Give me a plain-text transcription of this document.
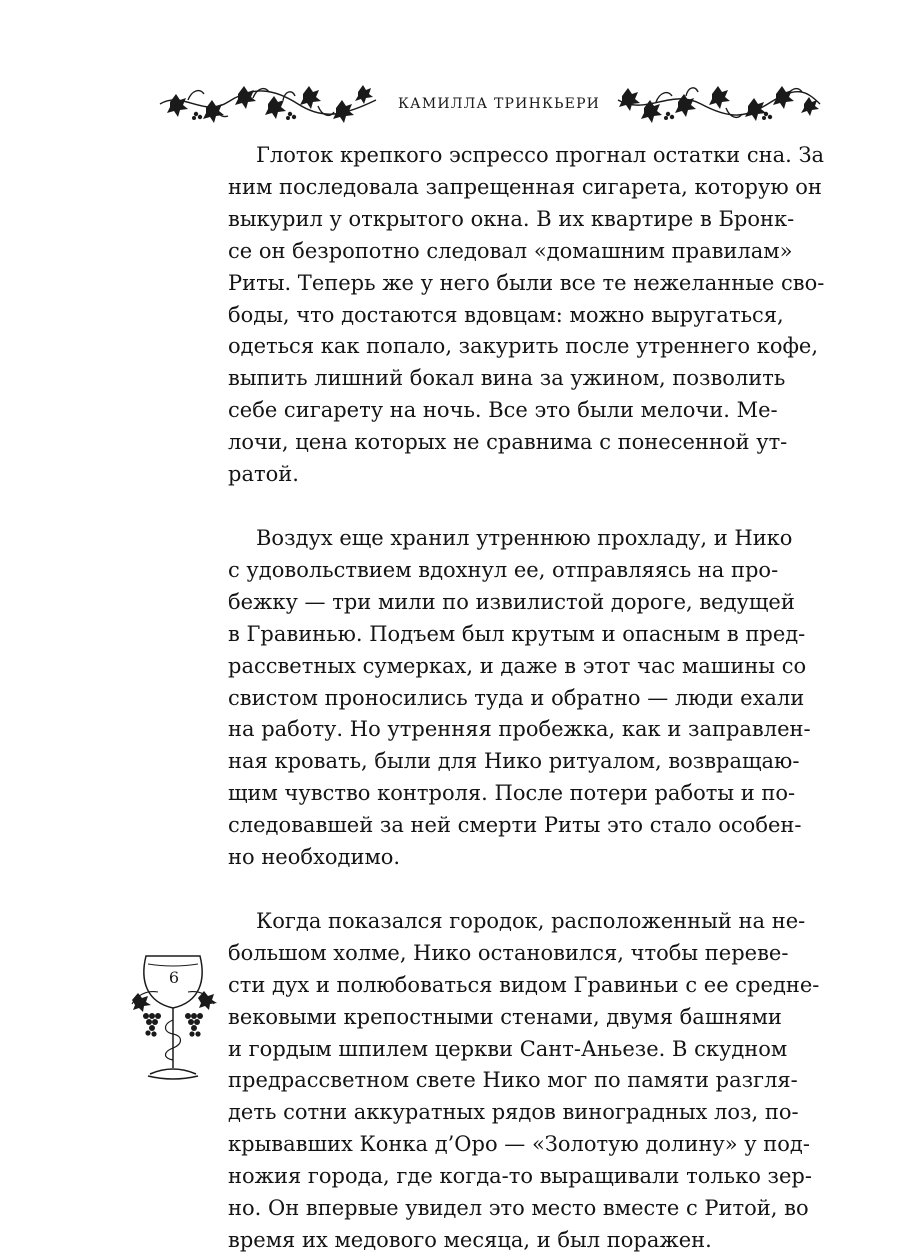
КАМИЛЛА ТРИНКЬЕРИ
Глоток крепкого эспрессо прогнал остатки сна. За
ним последовала запрещенная сигарета, которую он
выкурил у открытого окна. В их квартире в Бронк-
се он безропотно следовал «домашним правилам»
Риты. Теперь же у него были все те нежеланные сво-
боды, что достаются вдовцам: можно выругаться,
одеться как попало, закурить после утреннего кофе,
выпить лишний бокал вина за ужином, позволить
себе сигарету на ночь. Все это были мелочи. Ме-
лочи, цена которых не сравнима с понесенной ут-
ратой.
Воздух еще хранил утреннюю прохладу, и Нико
с удовольствием вдохнул ее, отправляясь на про-
бежку — три мили по извилистой дороге, ведущей
в Гравинью. Подъем был крутым и опасным в пред-
рассветных сумерках, и даже в этот час машины со
свистом проносились туда и обратно — люди ехали
на работу. Но утренняя пробежка, как и заправлен-
ная кровать, были для Нико ритуалом, возвращаю-
щим чувство контроля. После потери работы и по-
следовавшей за ней смерти Риты это стало особен-
но необходимо.
Когда показался городок, расположенный на не-
большом холме, Нико остановился, чтобы переве-
сти дух и полюбоваться видом Гравиньи с ее средне-
вековыми крепостными стенами, двумя башнями
и гордым шпилем церкви Сант-Аньезе. В скудном
предрассветном свете Нико мог по памяти разгля-
деть сотни аккуратных рядов виноградных лоз, по-
крывавших Конка д’Оро — «Золотую долину» у под-
ножия города, где когда-то выращивали только зер-
но. Он впервые увидел это место вместе с Ритой, во
время их медового месяца, и был поражен.
6
